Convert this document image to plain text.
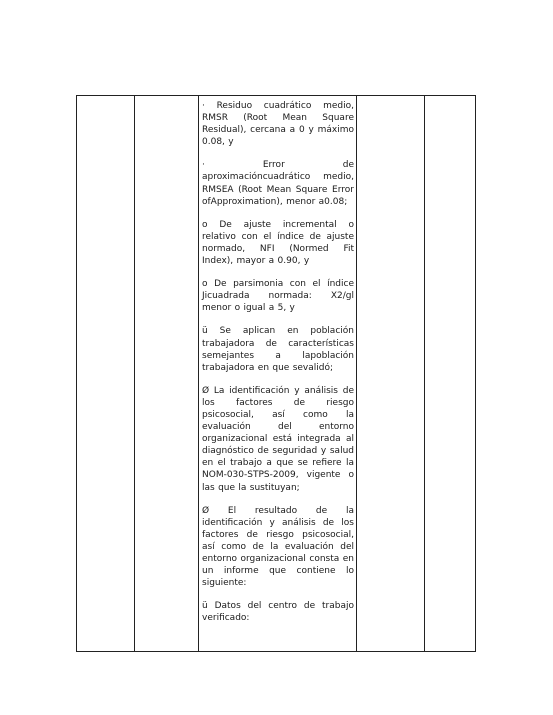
· Residuo cuadrático medio, RMSR (Root Mean Square Residual), cercana a 0 y máximo 0.08, y

· Error de aproximacióncuadrático medio, RMSEA (Root Mean Square Error ofApproximation), menor a0.08;

o De ajuste incremental o relativo con el índice de ajuste normado, NFI (Normed Fit Index), mayor a 0.90, y

o De parsimonia con el índice Jicuadrada normada: X2/gl menor o igual a 5, y

ü Se aplican en población trabajadora de características semejantes a lapoblación trabajadora en que sevalidó;

Ø La identificación y análisis de los factores de riesgo psicosocial, así como la evaluación del entorno organizacional está integrada al diagnóstico de seguridad y salud en el trabajo a que se refiere la NOM-030-STPS-2009, vigente o las que la sustituyan;

Ø El resultado de la identificación y análisis de los factores de riesgo psicosocial, así como de la evaluación del entorno organizacional consta en un informe que contiene lo siguiente:

ü Datos del centro de trabajo verificado:
